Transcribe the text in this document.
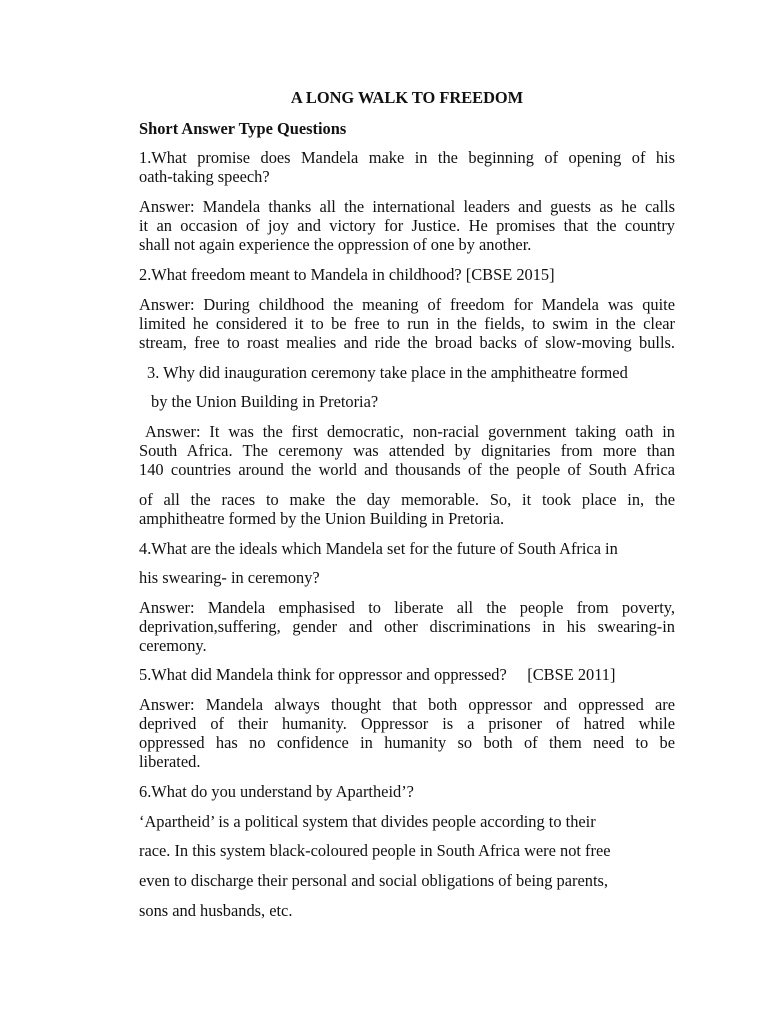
A LONG WALK TO FREEDOM
Short Answer Type Questions
1.What promise does Mandela make in the beginning of opening of his
oath-taking speech?
Answer: Mandela thanks all the international leaders and guests as he calls
it an occasion of joy and victory for Justice. He promises that the country
shall not again experience the oppression of one by another.
2.What freedom meant to Mandela in childhood? [CBSE 2015]
Answer: During childhood the meaning of freedom for Mandela was quite
limited he considered it to be free to run in the fields, to swim in the clear
stream, free to roast mealies and ride the broad backs of slow-moving bulls.
3. Why did inauguration ceremony take place in the amphitheatre formed
by the Union Building in Pretoria?
Answer: It was the first democratic, non-racial government taking oath in
South Africa. The ceremony was attended by dignitaries from more than
140 countries around the world and thousands of the people of South Africa
of all the races to make the day memorable. So, it took place in, the
amphitheatre formed by the Union Building in Pretoria.
4.What are the ideals which Mandela set for the future of South Africa in
his swearing- in ceremony?
Answer: Mandela emphasised to liberate all the people from poverty,
deprivation,suffering, gender and other discriminations in his swearing-in
ceremony.
5.What did Mandela think for oppressor and oppressed?     [CBSE 2011]
Answer: Mandela always thought that both oppressor and oppressed are
deprived of their humanity. Oppressor is a prisoner of hatred while
oppressed has no confidence in humanity so both of them need to be
liberated.
6.What do you understand by Apartheid’?
‘Apartheid’ is a political system that divides people according to their
race. In this system black-coloured people in South Africa were not free
even to discharge their personal and social obligations of being parents,
sons and husbands, etc.
